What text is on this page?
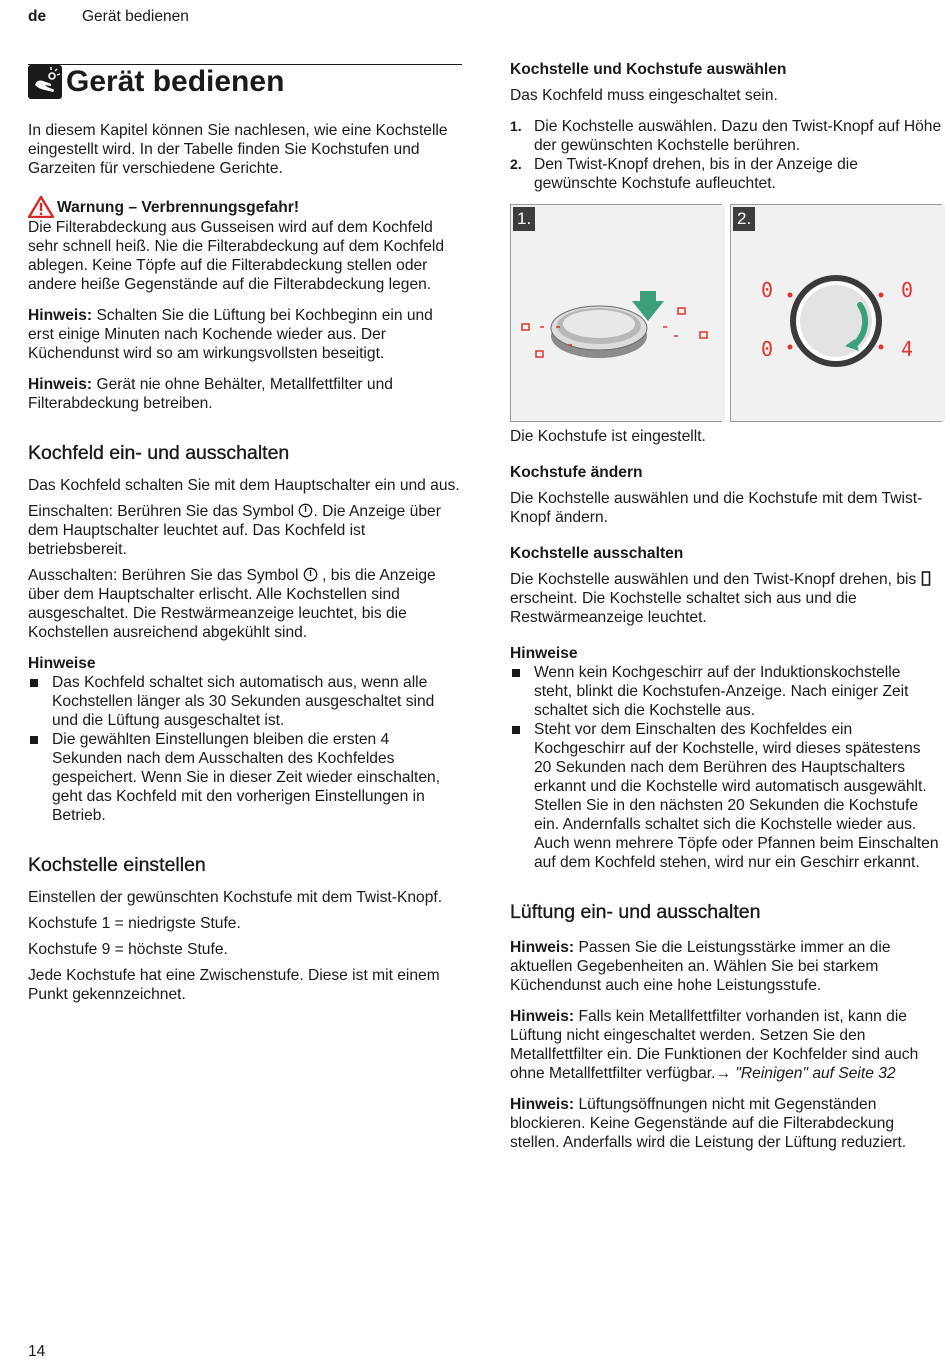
de Gerät bedienen
Gerät bedienen

In diesem Kapitel können Sie nachlesen, wie eine Kochstelle eingestellt wird. In der Tabelle finden Sie Kochstufen und Garzeiten für verschiedene Gerichte.

Warnung – Verbrennungsgefahr!

Die Filterabdeckung aus Gusseisen wird auf dem Kochfeld sehr schnell heiß. Nie die Filterabdeckung auf dem Kochfeld ablegen. Keine Töpfe auf die Filterabdeckung stellen oder andere heiße Gegenstände auf die Filterabdeckung legen.

Hinweis: Schalten Sie die Lüftung bei Kochbeginn ein und erst einige Minuten nach Kochende wieder aus. Der Küchendunst wird so am wirkungsvollsten beseitigt.

Hinweis: Gerät nie ohne Behälter, Metallfettfilter und Filterabdeckung betreiben.

Kochfeld ein- und ausschalten

Das Kochfeld schalten Sie mit dem Hauptschalter ein und aus.

Einschalten: Berühren Sie das Symbol . Die Anzeige über dem Hauptschalter leuchtet auf. Das Kochfeld ist betriebsbereit.

Ausschalten: Berühren Sie das Symbol  , bis die Anzeige über dem Hauptschalter erlischt. Alle Kochstellen sind ausgeschaltet. Die Restwärmeanzeige leuchtet, bis die Kochstellen ausreichend abgekühlt sind.

Hinweise

Das Kochfeld schaltet sich automatisch aus, wenn alle Kochstellen länger als 30 Sekunden ausgeschaltet sind und die Lüftung ausgeschaltet ist.
Die gewählten Einstellungen bleiben die ersten 4 Sekunden nach dem Ausschalten des Kochfeldes gespeichert. Wenn Sie in dieser Zeit wieder einschalten, geht das Kochfeld mit den vorherigen Einstellungen in Betrieb.
Kochstelle einstellen

Einstellen der gewünschten Kochstufe mit dem Twist-Knopf.

Kochstufe 1 = niedrigste Stufe.

Kochstufe 9 = höchste Stufe.

Jede Kochstufe hat eine Zwischenstufe. Diese ist mit einem Punkt gekennzeichnet.

Kochstelle und Kochstufe auswählen

Das Kochfeld muss eingeschaltet sein.

1. Die Kochstelle auswählen. Dazu den Twist-Knopf auf Höhe der gewünschten Kochstelle berühren.
2. Den Twist-Knopf drehen, bis in der Anzeige die gewünschte Kochstufe aufleuchtet.
1.	2.
0	0
0	4

Die Kochstufe ist eingestellt.

Kochstufe ändern

Die Kochstelle auswählen und die Kochstufe mit dem Twist-Knopf ändern.

Kochstelle ausschalten

Die Kochstelle auswählen und den Twist-Knopf drehen, bis  erscheint. Die Kochstelle schaltet sich aus und die Restwärmeanzeige leuchtet.

Hinweise

Wenn kein Kochgeschirr auf der Induktionskochstelle steht, blinkt die Kochstufen-Anzeige. Nach einiger Zeit schaltet sich die Kochstelle aus.
Steht vor dem Einschalten des Kochfeldes ein Kochgeschirr auf der Kochstelle, wird dieses spätestens 20 Sekunden nach dem Berühren des Hauptschalters erkannt und die Kochstelle wird automatisch ausgewählt. Stellen Sie in den nächsten 20 Sekunden die Kochstufe ein. Andernfalls schaltet sich die Kochstelle wieder aus.

Auch wenn mehrere Töpfe oder Pfannen beim Einschalten auf dem Kochfeld stehen, wird nur ein Geschirr erkannt.

Lüftung ein- und ausschalten

Hinweis: Passen Sie die Leistungsstärke immer an die aktuellen Gegebenheiten an. Wählen Sie bei starkem Küchendunst auch eine hohe Leistungsstufe.

Hinweis: Falls kein Metallfettfilter vorhanden ist, kann die Lüftung nicht eingeschaltet werden. Setzen Sie den Metallfettfilter ein. Die Funktionen der Kochfelder sind auch ohne Metallfettfilter verfügbar.→ "Reinigen" auf Seite 32

Hinweis: Lüftungsöffnungen nicht mit Gegenständen blockieren. Keine Gegenstände auf die Filterabdeckung stellen. Anderfalls wird die Leistung der Lüftung reduziert.

14
